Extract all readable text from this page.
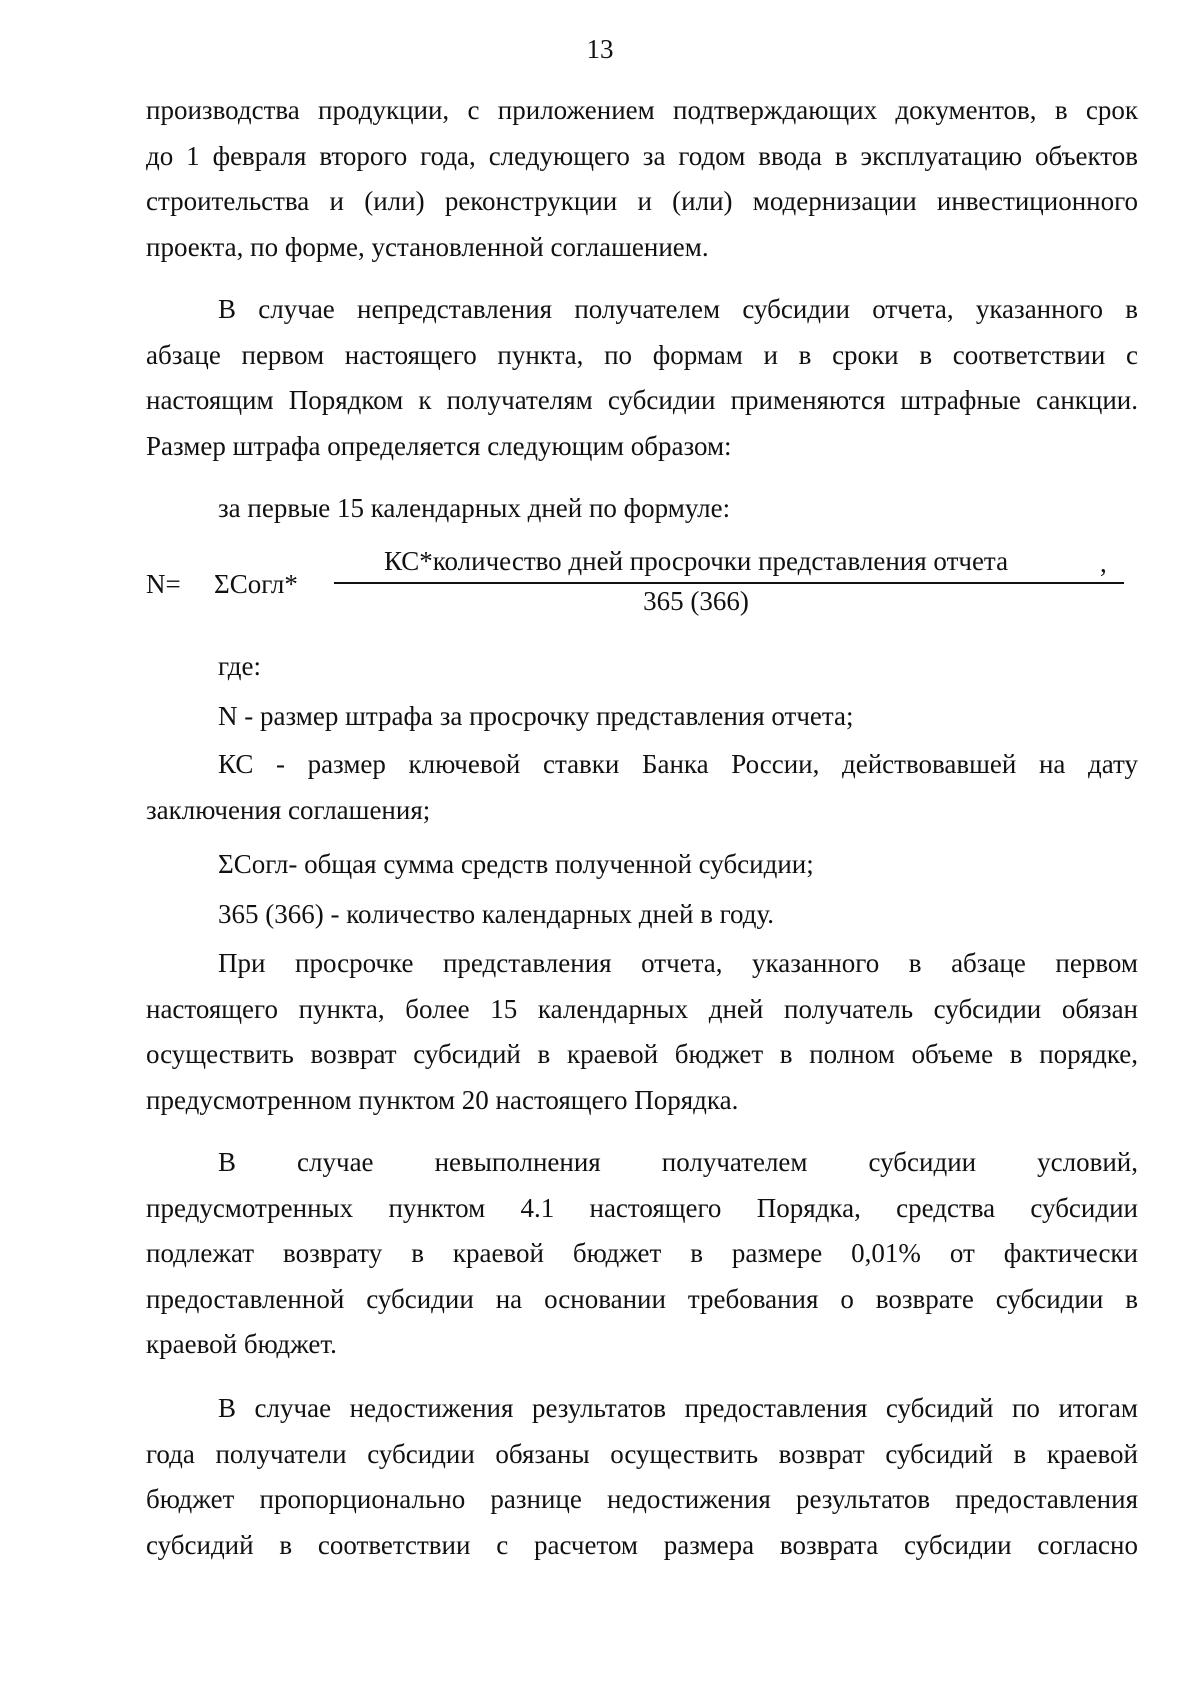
13

производства продукции, с приложением подтверждающих документов, в срок
до 1 февраля второго года, следующего за годом ввода в эксплуатацию объектов
строительства и (или) реконструкции и (или) модернизации инвестиционного
проекта, по форме, установленной соглашением.

В случае непредставления получателем субсидии отчета, указанного в
абзаце первом настоящего пункта, по формам и в сроки в соответствии с
настоящим Порядком к получателям субсидии применяются штрафные санкции.
Размер штрафа определяется следующим образом:

за первые 15 календарных дней по формуле:

N= ΣСогл*
КС*количество дней просрочки представления отчета
365 (366)
,

где:

N - размер штрафа за просрочку представления отчета;

КС - размер ключевой ставки Банка России, действовавшей на дату
заключения соглашения;

ΣСогл- общая сумма средств полученной субсидии;

365 (366) - количество календарных дней в году.

При просрочке представления отчета, указанного в абзаце первом
настоящего пункта, более 15 календарных дней получатель субсидии обязан
осуществить возврат субсидий в краевой бюджет в полном объеме в порядке,
предусмотренном пунктом 20 настоящего Порядка.

В случае невыполнения получателем субсидии условий,
предусмотренных пунктом 4.1 настоящего Порядка, средства субсидии
подлежат возврату в краевой бюджет в размере 0,01% от фактически
предоставленной субсидии на основании требования о возврате субсидии в
краевой бюджет.

В случае недостижения результатов предоставления субсидий по итогам
года получатели субсидии обязаны осуществить возврат субсидий в краевой
бюджет пропорционально разнице недостижения результатов предоставления
субсидий в соответствии с расчетом размера возврата субсидии согласно
